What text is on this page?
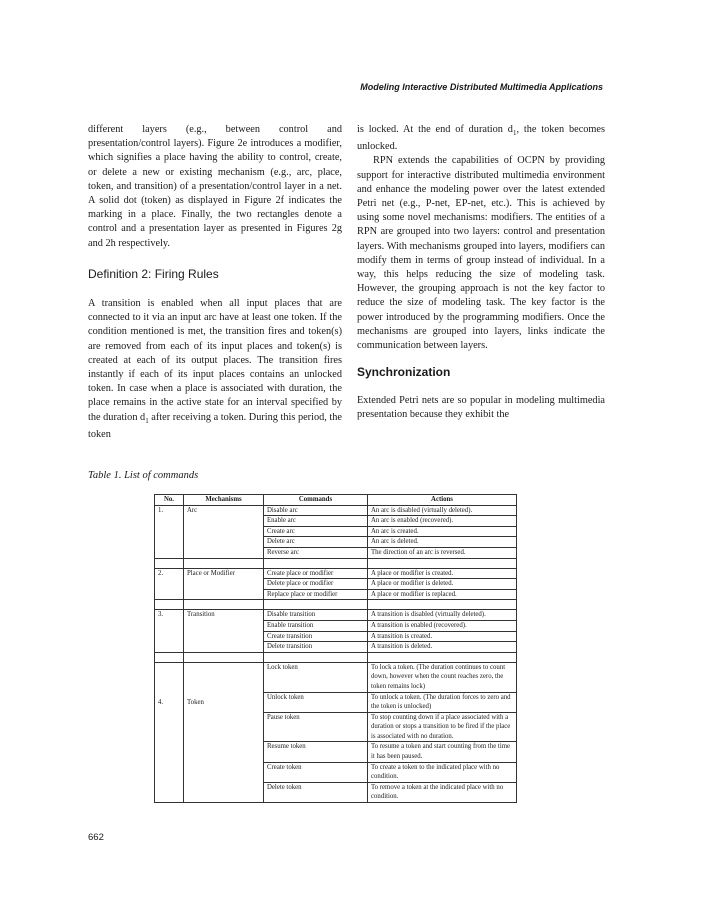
Modeling Interactive Distributed Multimedia Applications

different layers (e.g., between control and presentation/control layers). Figure 2e introduces a modifier, which signifies a place having the ability to control, create, or delete a new or existing mechanism (e.g., arc, place, token, and transition) of a presentation/control layer in a net. A solid dot (token) as displayed in Figure 2f indicates the marking in a place. Finally, the two rectangles denote a control and a presentation layer as presented in Figures 2g and 2h respectively.

Definition 2: Firing Rules

A transition is enabled when all input places that are connected to it via an input arc have at least one token. If the condition mentioned is met, the transition fires and token(s) are removed from each of its input places and token(s) is created at each of its output places. The transition fires instantly if each of its input places contains an unlocked token. In case when a place is associated with duration, the place remains in the active state for an interval specified by the duration $d_1$ after receiving a token. During this period, the token

is locked. At the end of duration $d_1$, the token becomes unlocked.

RPN extends the capabilities of OCPN by providing support for interactive distributed multimedia environment and enhance the modeling power over the latest extended Petri net (e.g., P-net, EP-net, etc.). This is achieved by using some novel mechanisms: modifiers. The entities of a RPN are grouped into two layers: control and presentation layers. With mechanisms grouped into layers, modifiers can modify them in terms of group instead of individual. In a way, this helps reducing the size of modeling task. However, the grouping approach is not the key factor to reduce the size of modeling task. The key factor is the power introduced by the programming modifiers. Once the mechanisms are grouped into layers, links indicate the communication between layers.

Synchronization

Extended Petri nets are so popular in modeling multimedia presentation because they exhibit the

Table 1. List of commands
No.	Mechanisms	Commands	Actions
1.	Arc	Disable arc	An arc is disabled (virtually deleted).
		Enable arc	An arc is enabled (recovered).
		Create arc	An arc is created.
		Delete arc	An arc is deleted.
		Reverse arc	The direction of an arc is reversed.

2.	Place or Modifier	Create place or modifier	A place or modifier is created.
		Delete place or modifier	A place or modifier is deleted.
		Replace place or modifier	A place or modifier is replaced.

3.	Transition	Disable transition	A transition is disabled (virtually deleted).
		Enable transition	A transition is enabled (recovered).
		Create transition	A transition is created.
		Delete transition	A transition is deleted.

4.	Token	Lock token	To lock a token. (The duration continues to count down, however when the count reaches zero, the token remains lock)
		Unlock token	To unlock a token. (The duration forces to zero and the token is unlocked)
		Pause token	To stop counting down if a place associated with a duration or stops a transition to be fired if the place is associated with no duration.
		Resume token	To resume a token and start counting from the time it has been paused.
		Create token	To create a token to the indicated place with no condition.
		Delete token	To remove a token at the indicated place with no condition.
662
